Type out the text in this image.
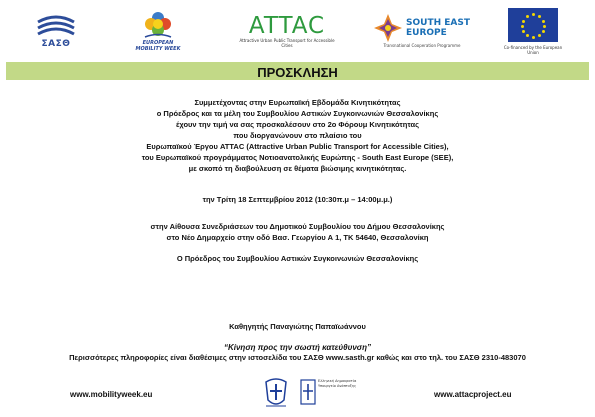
ΣΑΣΘ	EUROPEAN
MOBILITY WEEK
ATTAC
Attractive Urban Public Transport for Accessible Cities
SOUTH EAST
EUROPE
Transnational Cooperation Programme	Co-financed by the European Union
ΠΡΟΣΚΛΗΣΗ
Συμμετέχοντας στην Ευρωπαϊκή Εβδομάδα Κινητικότητας
ο Πρόεδρος και τα μέλη του Συμβουλίου Αστικών Συγκοινωνιών Θεσσαλονίκης
έχουν την τιμή να σας προσκαλέσουν στο 2ο Φόρουμ Κινητικότητας
που διοργανώνουν στο πλαίσιο του
Ευρωπαϊκού Έργου ATTAC (Attractive Urban Public Transport for Accessible Cities),
του Ευρωπαϊκού προγράμματος Νοτιοανατολικής Ευρώπης - South East Europe (SEE),
με σκοπό τη διαβούλευση σε θέματα βιώσιμης κινητικότητας.
την Τρίτη 18 Σεπτεμβρίου 2012 (10:30π.μ – 14:00μ.μ.)
στην Αίθουσα Συνεδριάσεων του Δημοτικού Συμβουλίου του Δήμου Θεσσαλονίκης
στο Νέο Δημαρχείο στην οδό Βασ. Γεωργίου Α 1, ΤΚ 54640, Θεσσαλονίκη
Ο Πρόεδρος του Συμβουλίου Αστικών Συγκοινωνιών Θεσσαλονίκης
Καθηγητής Παναγιώτης Παπαϊωάννου
“Κίνηση προς την σωστή κατεύθυνση”
Περισσότερες πληροφορίες είναι διαθέσιμες στην ιστοσελίδα του ΣΑΣΘ www.sasth.gr καθώς και στο τηλ. του ΣΑΣΘ 2310-483070
www.mobilityweek.eu
Ελληνική Δημοκρατία Υπουργείο Ανάπτυξης
www.attacproject.eu
